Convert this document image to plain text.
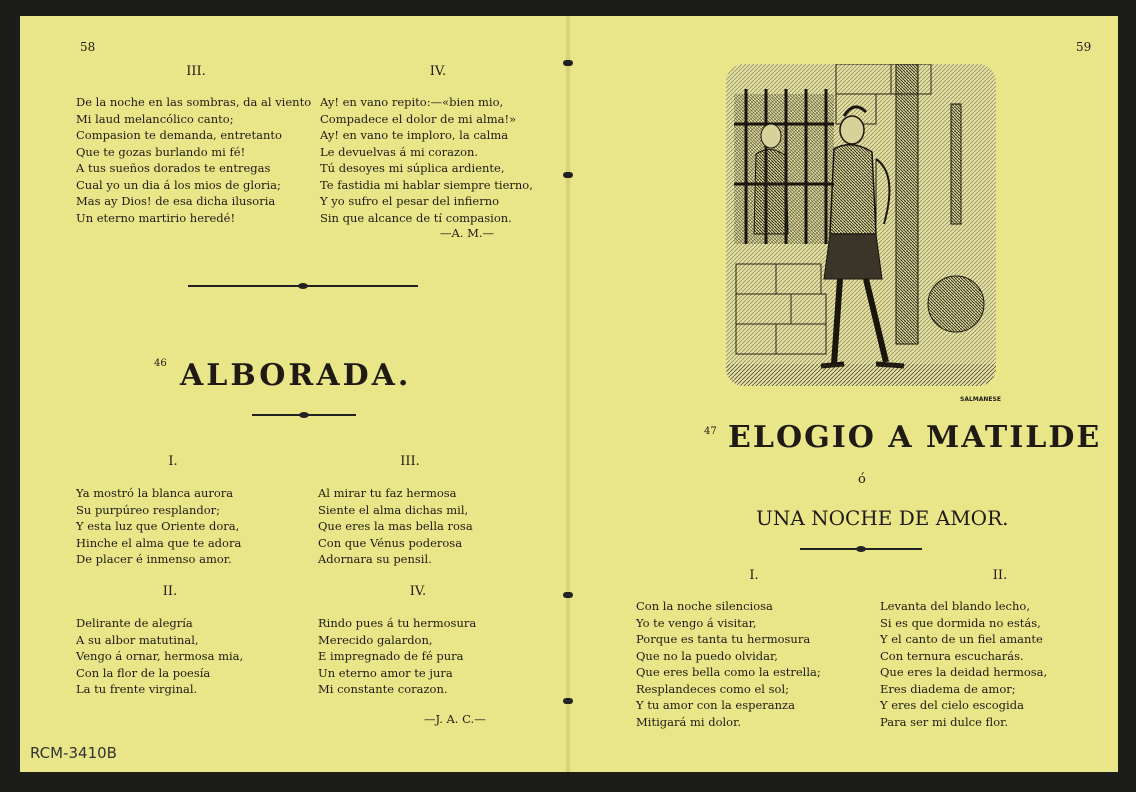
58
III.
De la noche en las sombras, da al viento
Mi laud melancólico canto;
Compasion te demanda, entretanto
Que te gozas burlando mi fé!
A tus sueños dorados te entregas
Cual yo un dia á los mios de gloria;
Mas ay Dios! de esa dicha ilusoria
Un eterno martirio heredé!
IV.
Ay! en vano repito:—«bien mio,
Compadece el dolor de mi alma!»
Ay! en vano te imploro, la calma
Le devuelvas á mi corazon.
Tú desoyes mi súplica ardiente,
Te fastidia mi hablar siempre tierno,
Y yo sufro el pesar del infierno
Sin que alcance de tí compasion.
—A. M.—
46 ALBORADA.
I.
Ya mostró la blanca aurora
Su purpúreo resplandor;
Y esta luz que Oriente dora,
Hinche el alma que te adora
De placer é inmenso amor.
III.
Al mirar tu faz hermosa
Siente el alma dichas mil,
Que eres la mas bella rosa
Con que Vénus poderosa
Adornara su pensil.
II.
Delirante de alegría
A su albor matutinal,
Vengo á ornar, hermosa mia,
Con la flor de la poesía
La tu frente virginal.
IV.
Rindo pues á tu hermosura
Merecido galardon,
E impregnado de fé pura
Un eterno amor te jura
Mi constante corazon.
—J. A. C.—
RCM-3410B
59
SALMANESE
47 ELOGIO A MATILDE
ó
UNA NOCHE DE AMOR.
I.
Con la noche silenciosa
Yo te vengo á visitar,
Porque es tanta tu hermosura
Que no la puedo olvidar,
Que eres bella como la estrella;
Resplandeces como el sol;
Y tu amor con la esperanza
Mitigará mi dolor.
II.
Levanta del blando lecho,
Si es que dormida no estás,
Y el canto de un fiel amante
Con ternura escucharás.
Que eres la deidad hermosa,
Eres diadema de amor;
Y eres del cielo escogida
Para ser mi dulce flor.
